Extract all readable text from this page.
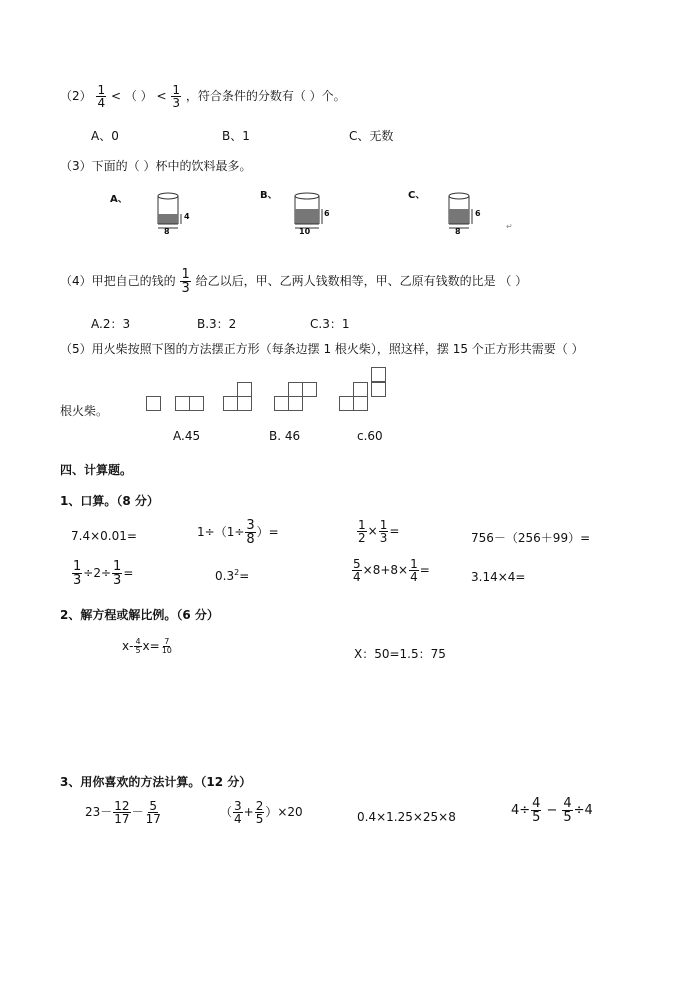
$(2) \frac{1}{4}$ < （ ） < $\frac{1}{3}$ ，符合条件的分数有（ ）个。
A、0	B、1	C、无数
（3）下面的（ ）杯中的饮料最多。
A、
4
8
B、
6
10
C、
6
8
↵
（4）甲把自己的钱的 $\frac{1}{3}$ 给乙以后，甲、乙两人钱数相等，甲、乙原有钱数的比是 （ ）
A.2：3	B.3：2	C.3：1
（5）用火柴按照下图的方法摆正方形（每条边摆 1 根火柴），照这样，摆 15 个正方形共需要（ ）
根火柴。
A.45	B. 46	c.60
四、计算题。
1、口算。（8 分）
7.4×0.01=	$1\div(1\div \frac{3}{8}$ ）=	$\frac{1}{2} \times \frac{1}{3}$ =	756－（256＋99）=
$\frac{1}{3} \div 2\div \frac{1}{3}$ =	$0.3^2=$	$\frac{5}{4} \times 8+8\times \frac{1}{4}$ =	3.14×4=
2、解方程或解比例。（6 分）
$x- \frac{4}{5} x= \frac{7}{10}$	X：50=1.5：75
3、用你喜欢的方法计算。（12 分）
$23- \frac{12}{17} - \frac{5}{17}$	（ $\frac{3}{4} + \frac{2}{5} )\times 20$	0.4×1.25×25×8	$4\div \frac{4}{5} - \frac{4}{5} \div 4$
